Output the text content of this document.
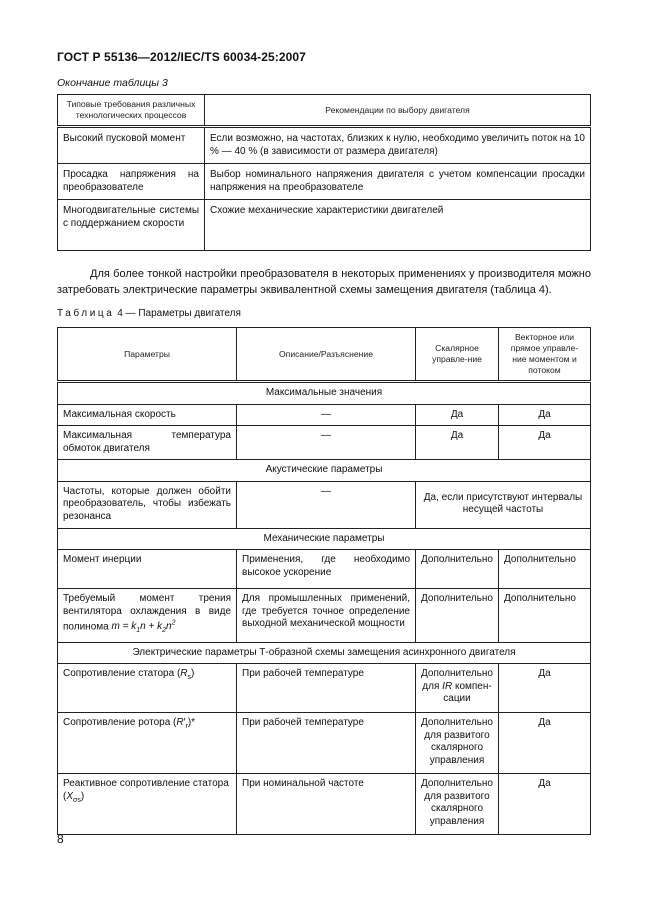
ГОСТ Р 55136—2012/IEC/TS 60034-25:2007
Окончание таблицы 3
Типовые требования различных технологических процессов	Рекомендации по выбору двигателя
Высокий пусковой момент	Если возможно, на частотах, близких к нулю, необходимо увеличить поток на 10 % — 40 % (в зависимости от размера двигателя)
Просадка напряжения на преобразователе	Выбор номинального напряжения двигателя с учетом компенсации просадки напряжения на преобразователе
Многодвигательные системы с поддержанием скорости	Схожие механические характеристики двигателей
Для более тонкой настройки преобразователя в некоторых применениях у производителя можно затребовать электрические параметры эквивалентной схемы замещения двигателя (таблица 4).
Таблица 4 — Параметры двигателя
Параметры	Описание/Разъяснение	Скалярное управле-ние	Векторное или прямое управле-ние моментом и потоком
Максимальные значения			
Максимальная скорость	—	Да	Да
Максимальная температура обмоток двигателя	—	Да	Да
Акустические параметры			
Частоты, которые должен обойти преобразователь, чтобы избежать резонанса	—	Да, если присутствуют интервалы несущей частоты	
Механические параметры			
Момент инерции	Применения, где необходимо высокое ускорение	Дополнительно	Дополнительно
Требуемый момент трения вентилятора охлаждения в виде полинома $m = k_1n + k_2n^2$	Для промышленных применений, где требуется точное определение выходной механической мощности	Дополнительно	Дополнительно
Электрические параметры Т-образной схемы замещения асинхронного двигателя			
Сопротивление статора $(R_s)$	При рабочей температуре	Дополнительно для IR компен-сации	Да
Сопротивление ротора $(R'_r)*$	При рабочей температуре	Дополнительно для развитого скалярного управления	Да
Реактивное сопротивление статора $(X_{\sigma s})$	При номинальной частоте	Дополнительно для развитого скалярного управления	Да
8
